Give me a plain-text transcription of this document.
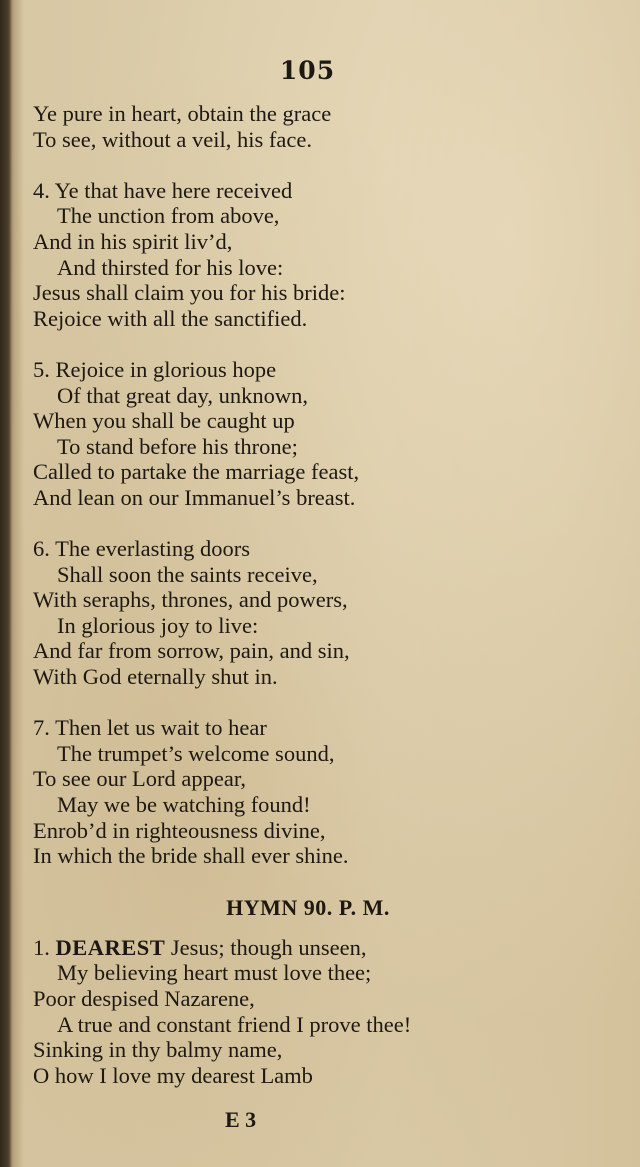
105
Ye pure in heart, obtain the grace
To see, without a veil, his face.
4. Ye that have here received
The unction from above,
And in his spirit liv’d,
And thirsted for his love:
Jesus shall claim you for his bride:
Rejoice with all the sanctified.
5. Rejoice in glorious hope
Of that great day, unknown,
When you shall be caught up
To stand before his throne;
Called to partake the marriage feast,
And lean on our Immanuel’s breast.
6. The everlasting doors
Shall soon the saints receive,
With seraphs, thrones, and powers,
In glorious joy to live:
And far from sorrow, pain, and sin,
With God eternally shut in.
7. Then let us wait to hear
The trumpet’s welcome sound,
To see our Lord appear,
May we be watching found!
Enrob’d in righteousness divine,
In which the bride shall ever shine.
HYMN 90. P. M.
1. DEAREST Jesus; though unseen,
My believing heart must love thee;
Poor despised Nazarene,
A true and constant friend I prove thee!
Sinking in thy balmy name,
O how I love my dearest Lamb
E 3
